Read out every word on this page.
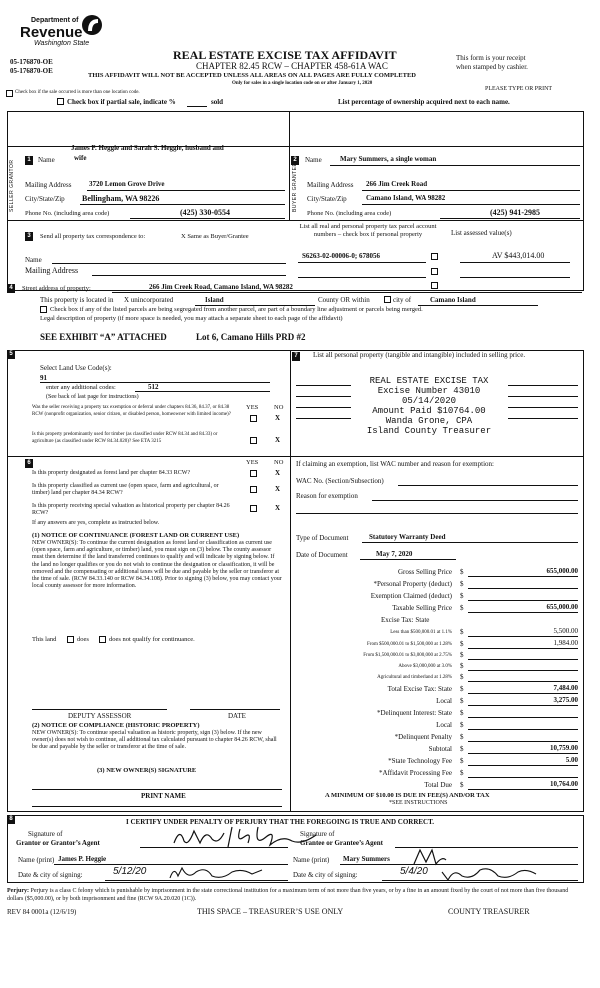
Department of
Revenue
Washington State
05-176870-OE
05-176870-OE
REAL ESTATE EXCISE TAX AFFIDAVIT
CHAPTER 82.45 RCW – CHAPTER 458-61A WAC
This form is your receipt
when stamped by cashier.
THIS AFFIDAVIT WILL NOT BE ACCEPTED UNLESS ALL AREAS ON ALL PAGES ARE FULLY COMPLETED
Only for sales in a single location code on or after January 1, 2020
PLEASE TYPE OR PRINT
Check box if the sale occurred is more than one location code.
Check box if partial sale, indicate %	sold	List percentage of ownership acquired next to each name.
1
SELLER GRANTOR	Name
James P. Heggie and Sarah S. Heggie, husband and
wife
Mailing Address	3720 Lemon Grove Drive
City/State/Zip Bellingham, WA 98226
Phone No. (including area code)	(425) 330-0554
2
BUYER GRANTEE
Name	Mary Summers, a single woman
Mailing Address 266 Jim Creek Road
City/State/Zip	Camano Island, WA 98282
Phone No. (including area code)	(425) 941-2985
3	Send all property tax correspondence to:	X Same as Buyer/Grantee
Name
Mailing Address
List all real and personal property tax parcel account numbers – check box if personal property	List assessed value(s)
S6263-02-00006-0; 678056	AV $443,014.00
4	Street address of property:	266 Jim Creek Road, Camano Island, WA 98282
This property is located in X unincorporated	Island	County OR within	city of	Camano Island
Check box if any of the listed parcels are being segregated from another parcel, are part of a boundary line adjustment or parcels being merged.
Legal description of property (if more space is needed, you may attach a separate sheet to each page of the affidavit)
SEE EXHIBIT “A” ATTACHED	Lot 6, Camano Hills PRD #2
5
Select Land Use Code(s):
91
enter any additional codes:	512
(See back of last page for instructions)
YES NO
Was the seller receiving a property tax exemption or deferral under chapters 84.36, 84.37, or 84.38 RCW (nonprofit organization, senior citizen, or disabled person, homeowner with limited income)?	X
Is this property predominantly used for timber (as classified under RCW 84.34 and 84.33) or agriculture (as classified under RCW 84.34.020)? See ETA 3215	X
6	YES NO
Is this property designated as forest land per chapter 84.33 RCW?	X
Is this property classified as current use (open space, farm and agricultural, or timber) land per chapter 84.34 RCW?	X
Is this property receiving special valuation as historical property per chapter 84.26 RCW?
X
If any answers are yes, complete as instructed below.
(1) NOTICE OF CONTINUANCE (FOREST LAND OR CURRENT USE)
NEW OWNER(S): To continue the current designation as forest land or classification as current use (open space, farm and agriculture, or timber) land, you must sign on (3) below. The county assessor must then determine if the land transferred continues to qualify and will indicate by signing below. If the land no longer qualifies or you do not wish to continue the designation or classification, it will be removed and the compensating or additional taxes will be due and payable by the seller or transferor at the time of sale. (RCW 84.33.140 or RCW 84.34.108). Prior to signing (3) below, you may contact your local county assessor for more information.
This land	does	does not qualify for continuance.
DEPUTY ASSESSOR	DATE
(2) NOTICE OF COMPLIANCE (HISTORIC PROPERTY)
NEW OWNER(S): To continue special valuation as historic property, sign (3) below. If the new owner(s) does not wish to continue, all additional tax calculated pursuant to chapter 84.26 RCW, shall be due and payable by the seller or transferor at the time of sale.
(3) NEW OWNER(S) SIGNATURE
PRINT NAME
7	List all personal property (tangible and intangible) included in selling price.
REAL ESTATE EXCISE TAX
Excise Number 43010
05/14/2020
Amount Paid $10764.00
Wanda Grone, CPA
Island County Treasurer
If claiming an exemption, list WAC number and reason for exemption:
WAC No. (Section/Subsection)
Reason for exemption
Type of Document	Statutory Warranty Deed
Date of Document	May 7, 2020
Gross Selling Price $	655,000.00
*Personal Property (deduct) $
Exemption Claimed (deduct) $
Taxable Selling Price $	655,000.00
Excise Tax: State
Less than $500,000.01 at 1.1% $	5,500.00
From $500,000.01 to $1,500,000 at 1.28% $	1,984.00
From $1,500,000.01 to $3,000,000 at 2.75% $
Above $3,000,000 at 3.0% $
Agricultural and timberland at 1.28% $
Total Excise Tax: State $	7,484.00
Local $	3,275.00
*Delinquent Interest: State $
Local $
*Delinquent Penalty $
Subtotal $	10,759.00
*State Technology Fee $	5.00
*Affidavit Processing Fee $
Total Due $	10,764.00
A MINIMUM OF $10.00 IS DUE IN FEE(S) AND/OR TAX
*SEE INSTRUCTIONS
8	I CERTIFY UNDER PENALTY OF PERJURY THAT THE FOREGOING IS TRUE AND CORRECT.
Signature of
Grantor or Grantor’s Agent
Name (print) James P. Heggie
Date & city of signing:	5/12/20
Signature of
Grantee or Grantee’s Agent
Name (print) Mary Summers
Date & city of signing:	5/4/20
Perjury: Perjury is a class C felony which is punishable by imprisonment in the state correctional institution for a maximum term of not more than five years, or by a fine in an amount fixed by the court of not more than five thousand dollars ($5,000.00), or by both imprisonment and fine (RCW 9A.20.020 (1C)).
REV 84 0001a (12/6/19)	THIS SPACE – TREASURER’S USE ONLY	COUNTY TREASURER
